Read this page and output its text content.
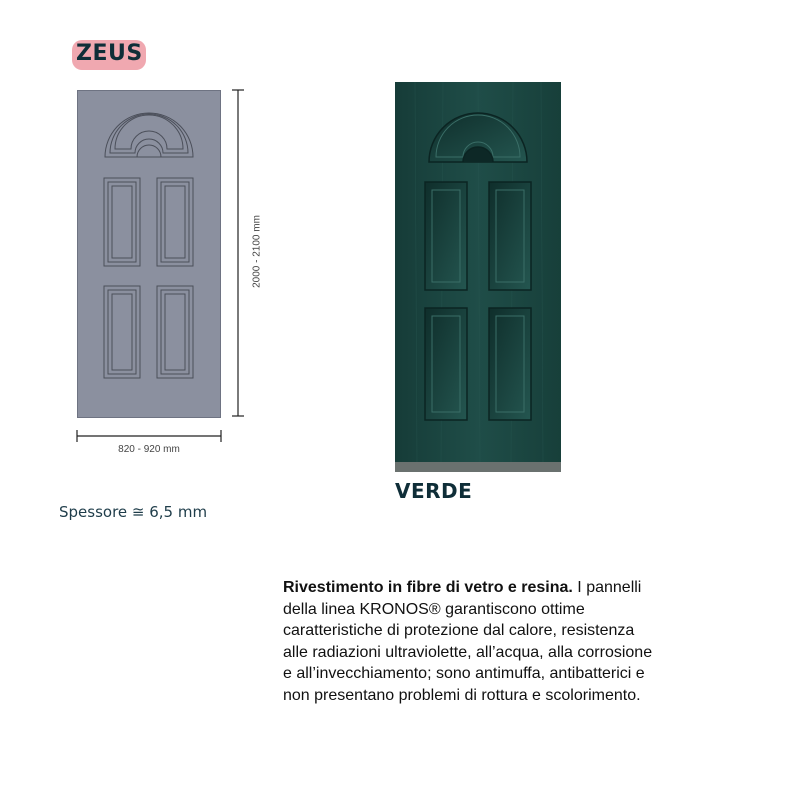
ZEUS
2000 - 2100 mm
820 - 920 mm
Spessore ≅ 6,5 mm
VERDE
Rivestimento in fibre di vetro e resina. I pannelli
della linea KRONOS® garantiscono ottime
caratteristiche di protezione dal calore, resistenza
alle radiazioni ultraviolette, all’acqua, alla corrosione
e all’invecchiamento; sono antimuffa, antibatterici e
non presentano problemi di rottura e scolorimento.
